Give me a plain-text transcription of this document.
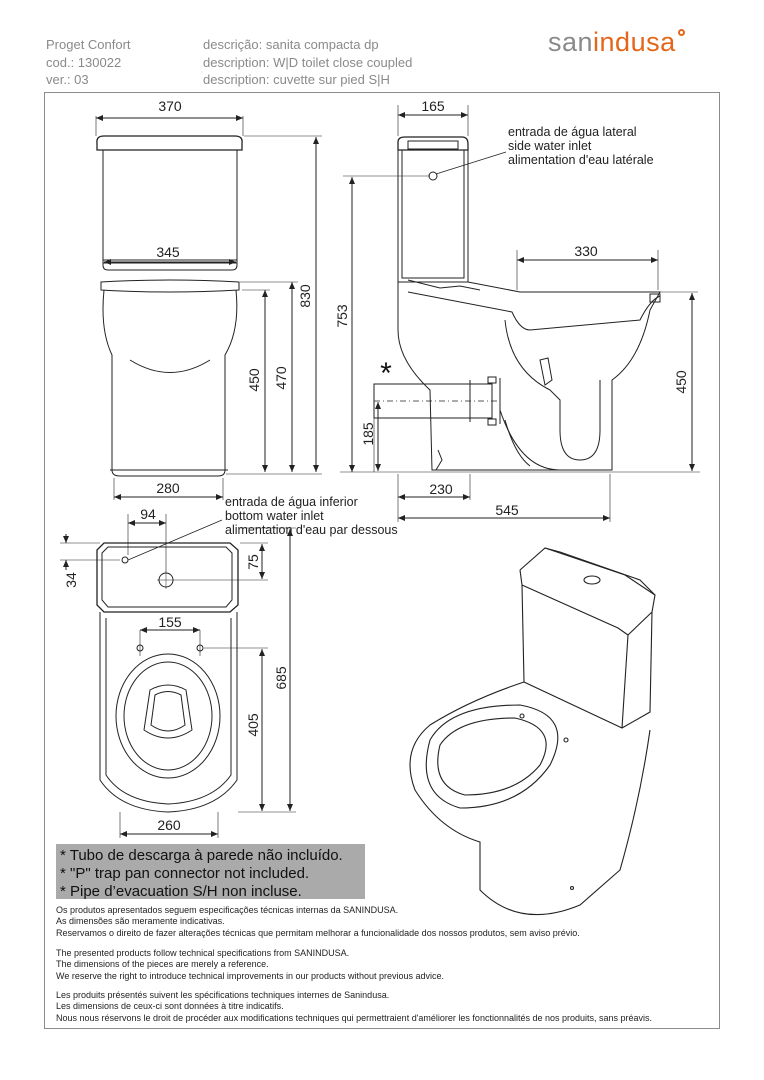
Proget Confort
cod.: 130022
ver.: 03
descrição: sanita compacta dp
description: W|D toilet close coupled
description: cuvette sur pied S|H
sanindusa
370
345
280
450 470
830
165
330
753
185
450
230
545
*
94
34
75
155
405
685
260
entrada de água lateral
side water inlet
alimentation d'eau latérale
entrada de água inferior
bottom water inlet
alimentation d'eau par dessous
* Tubo de descarga à parede não incluído.
* "P" trap pan connector not included.
* Pipe d’evacuation S/H non incluse.
Os produtos apresentados seguem especificações técnicas internas da SANINDUSA.
As dimensões são meramente indicativas.
Reservamos o direito de fazer alterações técnicas que permitam melhorar a funcionalidade dos nossos produtos, sem aviso prévio.
The presented products follow technical specifications from SANINDUSA.
The dimensions of the pieces are merely a reference.
We reserve the right to introduce technical improvements in our products without previous advice.
Les produits présentés suivent les spécifications techniques internes de Sanindusa.
Les dimensions de ceux-ci sont données à titre indicatifs.
Nous nous réservons le droit de procéder aux modifications techniques qui permettraient d'améliorer les fonctionnalités de nos produits, sans préavis.
